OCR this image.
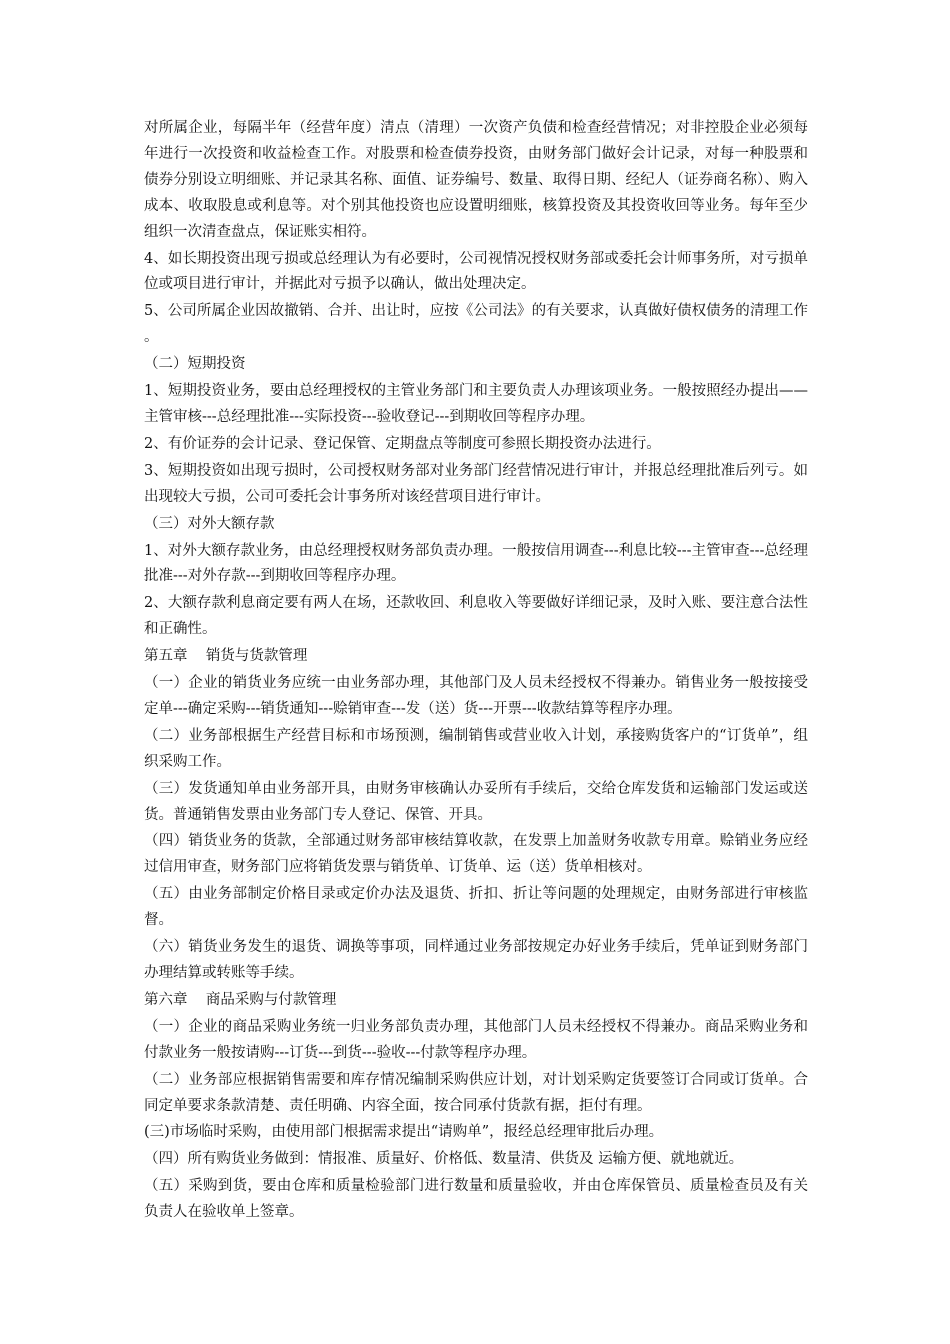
对所属企业，每隔半年（经营年度）清点（清理）一次资产负债和检查经营情况；对非控股企业必须每年进行一次投资和收益检查工作。对股票和检查债券投资，由财务部门做好会计记录，对每一种股票和债券分别设立明细账、并记录其名称、面值、证券编号、数量、取得日期、经纪人（证券商名称）、购入成本、收取股息或利息等。对个别其他投资也应设置明细账，核算投资及其投资收回等业务。每年至少组织一次清查盘点，保证账实相符。

4、如长期投资出现亏损或总经理认为有必要时，公司视情况授权财务部或委托会计师事务所，对亏损单位或项目进行审计，并据此对亏损予以确认，做出处理决定。

5、公司所属企业因故撤销、合并、出让时，应按《公司法》的有关要求，认真做好债权债务的清理工作。

（二）短期投资

1、短期投资业务，要由总经理授权的主管业务部门和主要负责人办理该项业务。一般按照经办提出——主管审核---总经理批准---实际投资---验收登记---到期收回等程序办理。

2、有价证券的会计记录、登记保管、定期盘点等制度可参照长期投资办法进行。

3、短期投资如出现亏损时，公司授权财务部对业务部门经营情况进行审计，并报总经理批准后列亏。如出现较大亏损，公司可委托会计事务所对该经营项目进行审计。

（三）对外大额存款

1、对外大额存款业务，由总经理授权财务部负责办理。一般按信用调查---利息比较---主管审查---总经理批准---对外存款---到期收回等程序办理。

2、大额存款利息商定要有两人在场，还款收回、利息收入等要做好详细记录，及时入账、要注意合法性和正确性。

第五章    销货与货款管理

（一）企业的销货业务应统一由业务部办理，其他部门及人员未经授权不得兼办。销售业务一般按接受定单---确定采购---销货通知---赊销审查---发（送）货---开票---收款结算等程序办理。

（二）业务部根据生产经营目标和市场预测，编制销售或营业收入计划，承接购货客户的“订货单”，组织采购工作。

（三）发货通知单由业务部开具，由财务审核确认办妥所有手续后，交给仓库发货和运输部门发运或送货。普通销售发票由业务部门专人登记、保管、开具。

（四）销货业务的货款，全部通过财务部审核结算收款，在发票上加盖财务收款专用章。赊销业务应经过信用审查，财务部门应将销货发票与销货单、订货单、运（送）货单相核对。

（五）由业务部制定价格目录或定价办法及退货、折扣、折让等问题的处理规定，由财务部进行审核监督。

（六）销货业务发生的退货、调换等事项，同样通过业务部按规定办好业务手续后，凭单证到财务部门办理结算或转账等手续。

第六章    商品采购与付款管理

（一）企业的商品采购业务统一归业务部负责办理，其他部门人员未经授权不得兼办。商品采购业务和付款业务一般按请购---订货---到货---验收---付款等程序办理。

（二）业务部应根据销售需要和库存情况编制采购供应计划，对计划采购定货要签订合同或订货单。合同定单要求条款清楚、责任明确、内容全面，按合同承付货款有据，拒付有理。

(三)市场临时采购，由使用部门根据需求提出“请购单”，报经总经理审批后办理。

（四）所有购货业务做到：情报准、质量好、价格低、数量清、供货及 运输方便、就地就近。

（五）采购到货，要由仓库和质量检验部门进行数量和质量验收，并由仓库保管员、质量检查员及有关负责人在验收单上签章。
